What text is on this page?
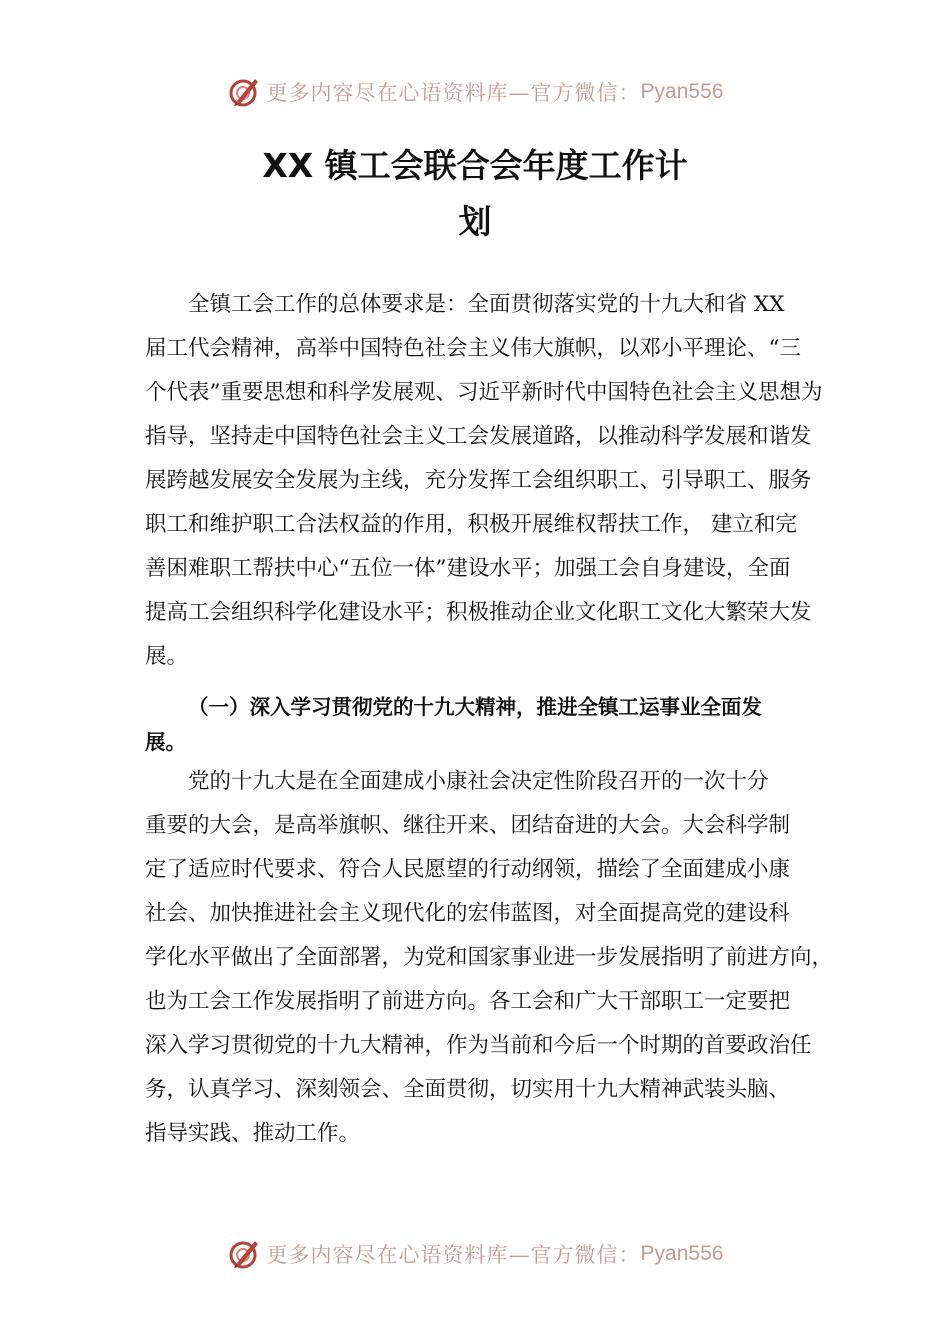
更多内容尽在心语资料库—官方微信： Pyan556
XX 镇工会联合会年度工作计
划

全镇工会工作的总体要求是：全面贯彻落实党的十九大和省 XX

届工代会精神，高举中国特色社会主义伟大旗帜，以邓小平理论、“三

个代表”重要思想和科学发展观、习近平新时代中国特色社会主义思想为

指导，坚持走中国特色社会主义工会发展道路，以推动科学发展和谐发

展跨越发展安全发展为主线，充分发挥工会组织职工、引导职工、服务

职工和维护职工合法权益的作用，积极开展维权帮扶工作， 建立和完

善困难职工帮扶中心“五位一体”建设水平；加强工会自身建设，全面

提高工会组织科学化建设水平；积极推动企业文化职工文化大繁荣大发

展。

（一）深入学习贯彻党的十九大精神，推进全镇工运事业全面发

展。

党的十九大是在全面建成小康社会决定性阶段召开的一次十分

重要的大会，是高举旗帜、继往开来、团结奋进的大会。大会科学制

定了适应时代要求、符合人民愿望的行动纲领，描绘了全面建成小康

社会、加快推进社会主义现代化的宏伟蓝图，对全面提高党的建设科

学化水平做出了全面部署，为党和国家事业进一步发展指明了前进方向，

也为工会工作发展指明了前进方向。各工会和广大干部职工一定要把

深入学习贯彻党的十九大精神，作为当前和今后一个时期的首要政治任

务，认真学习、深刻领会、全面贯彻，切实用十九大精神武装头脑、

指导实践、推动工作。

更多内容尽在心语资料库—官方微信： Pyan556
